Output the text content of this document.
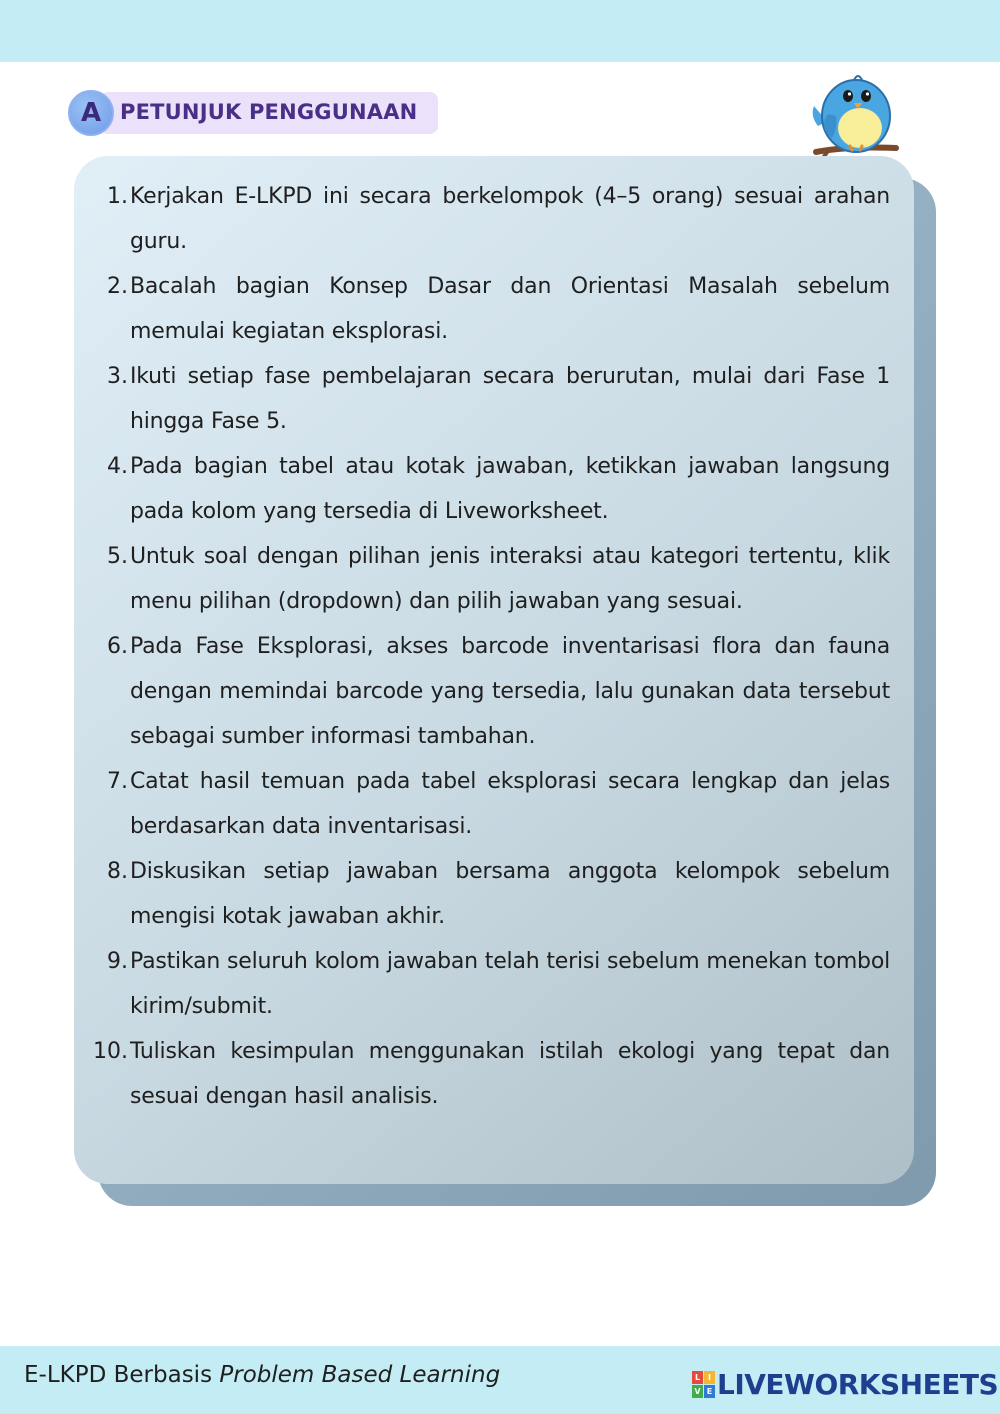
PETUNJUK PENGGUNAAN
A
1. Kerjakan E-LKPD ini secara berkelompok (4–5 orang) sesuai arahan guru.
2. Bacalah bagian Konsep Dasar dan Orientasi Masalah sebelum memulai kegiatan eksplorasi.
3. Ikuti setiap fase pembelajaran secara berurutan, mulai dari Fase 1 hingga Fase 5.
4. Pada bagian tabel atau kotak jawaban, ketikkan jawaban langsung pada kolom yang tersedia di Liveworksheet.
5. Untuk soal dengan pilihan jenis interaksi atau kategori tertentu, klik menu pilihan (dropdown) dan pilih jawaban yang sesuai.
6. Pada Fase Eksplorasi, akses barcode inventarisasi flora dan fauna dengan memindai barcode yang tersedia, lalu gunakan data tersebut sebagai sumber informasi tambahan.
7. Catat hasil temuan pada tabel eksplorasi secara lengkap dan jelas berdasarkan data inventarisasi.
8. Diskusikan setiap jawaban bersama anggota kelompok sebelum mengisi kotak jawaban akhir.
9. Pastikan seluruh kolom jawaban telah terisi sebelum menekan tombol kirim/submit.
10. Tuliskan kesimpulan menggunakan istilah ekologi yang tepat dan sesuai dengan hasil analisis.
E-LKPD Berbasis Problem Based Learning	L I
V E LIVEWORKSHEETS
